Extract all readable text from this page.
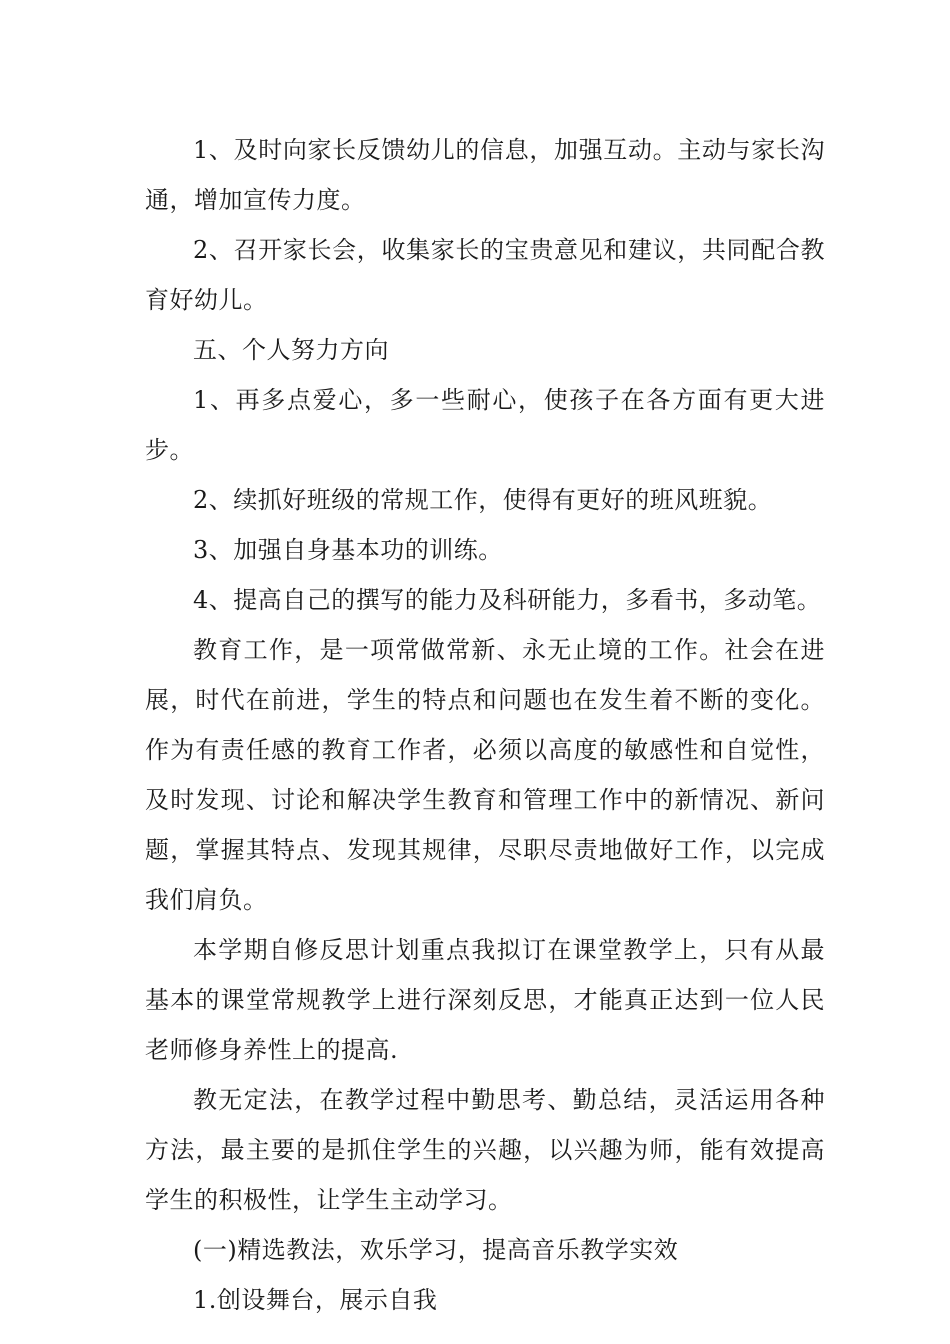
1、及时向家长反馈幼儿的信息，加强互动。主动与家长沟通，增加宣传力度。

2、召开家长会，收集家长的宝贵意见和建议，共同配合教育好幼儿。

五、个人努力方向

1、再多点爱心，多一些耐心，使孩子在各方面有更大进步。

2、续抓好班级的常规工作，使得有更好的班风班貌。

3、加强自身基本功的训练。

4、提高自己的撰写的能力及科研能力，多看书，多动笔。

教育工作，是一项常做常新、永无止境的工作。社会在进展，时代在前进，学生的特点和问题也在发生着不断的变化。作为有责任感的教育工作者，必须以高度的敏感性和自觉性，及时发现、讨论和解决学生教育和管理工作中的新情况、新问题，掌握其特点、发现其规律，尽职尽责地做好工作，以完成我们肩负。

本学期自修反思计划重点我拟订在课堂教学上，只有从最基本的课堂常规教学上进行深刻反思，才能真正达到一位人民老师修身养性上的提高.

教无定法，在教学过程中勤思考、勤总结，灵活运用各种方法，最主要的是抓住学生的兴趣，以兴趣为师，能有效提高学生的积极性，让学生主动学习。

(一)精选教法，欢乐学习，提高音乐教学实效

1.创设舞台，展示自我
